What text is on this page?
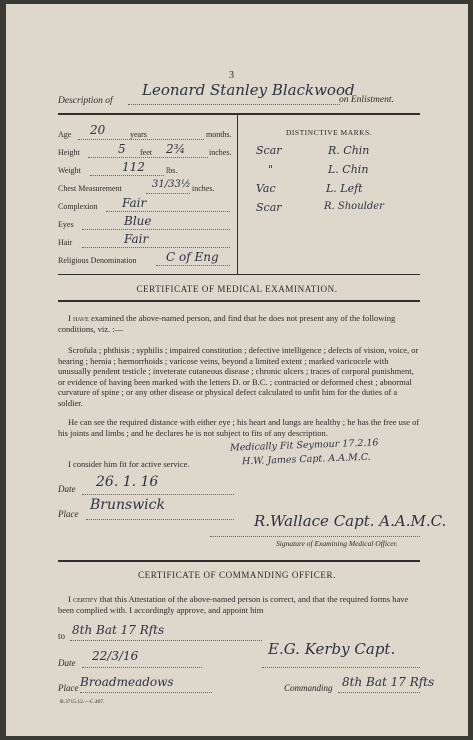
3
Description of
Leonard Stanley Blackwood
on Enlistment.
Age 20	years	months.
Height	5 feet 2¾	inches.
Weight	112	lbs.
Chest Measurement	31/33½ inches.
Complexion Fair
Eyes	Blue
Hair	Fair
Religious Denomination C of Eng
DISTINCTIVE MARKS.
Scar	R. Chin
"	L. Chin
Vac	L. Left
Scar	R. Shoulder
CERTIFICATE OF MEDICAL EXAMINATION.
I have examined the above-named person, and find that he does not present any of the following conditions, viz. :—
Scrofula ; phthisis ; syphilis ; impaired constitution ; defective intelligence ; defects of vision, voice, or hearing ; hernia ; hæmorrhoids ; varicose veins, beyond a limited extent ; marked varicocele with unusually pendent testicle ; inveterate cutaneous disease ; chronic ulcers ; traces of corporal punishment, or evidence of having been marked with the letters D. or B.C. ; contracted or deformed chest ; abnormal curvature of spine ; or any other disease or physical defect calculated to unfit him for the duties of a soldier.
He can see the required distance with either eye ; his heart and lungs are healthy ; he has the free use of his joints and limbs ; and he declares he is not subject to fits of any description.
I consider him fit for active service.
Medically Fit Seymour 17.2.16
H.W. James Capt. A.A.M.C.
Date 26. 1. 16
Place
Brunswick
R.Wallace Capt. A.A.M.C.
Signature of Examining Medical Officer.
CERTIFICATE OF COMMANDING OFFICER.
I certify that this Attestation of the above-named person is correct, and that the required forms have been complied with. I accordingly approve, and appoint him
to 8th Bat 17 Rfts
Date 22/3/16	E.G. Kerby Capt.
Place Broadmeadows	Commanding 8th Bat 17 Rfts
B.3715.12.—C.407.
